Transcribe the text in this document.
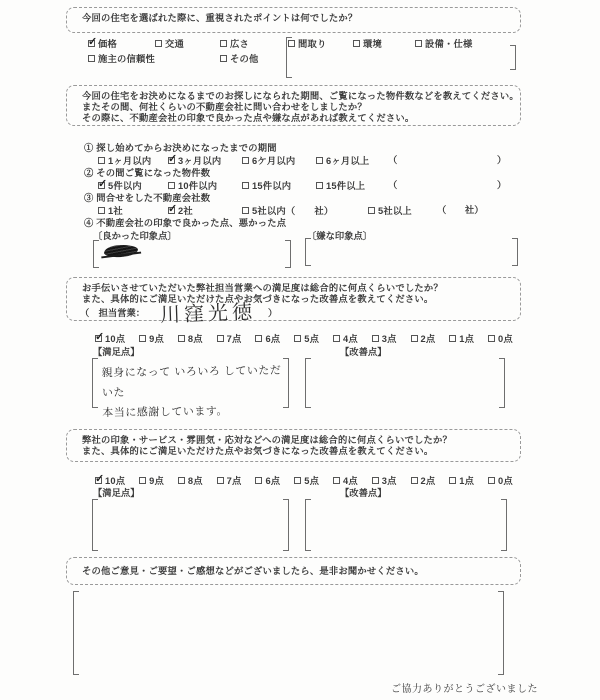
今回の住宅を選ばれた際に、重視されたポイントは何でしたか？
✓
価格	交通	広さ	間取り	環境	設備・仕様
施主の信頼性	その他
今回の住宅をお決めになるまでのお探しになられた期間、ご覧になった物件数などを教えてください。
またその間、何社くらいの不動産会社に問い合わせをしましたか？
その際に、不動産会社の印象で良かった点や嫌な点があれば教えてください。
① 探し始めてからお決めになったまでの期間
1ヶ月以内 ✓	3ヶ月以内	6ケ月以内	6ヶ月以上 （	）
② その間ご覧になった物件数
✓
5件以内	10件以内	15件以内	15件以上 （	）
③ 問合せをした不動産会社数
1社 ✓	2社	5社以内（　　社）	5社以上	（　　社）
④ 不動産会社の印象で良かった点、悪かった点
〔良かった印象点〕	〔嫌な印象点〕
お手伝いさせていただいた弊社担当営業への満足度は総合的に何点くらいでしたか？
また、具体的にご満足いただけた点やお気づきになった改善点を教えてください。
（　担当営業：	）
川窪光徳
✓
10点	9点	8点	7点	6点	5点	4点	3点	2点	1点	0点
【満足点】	【改善点】
親身になって いろいろ していただいた
本当に感謝しています。
弊社の印象・サービス・雰囲気・応対などへの満足度は総合的に何点くらいでしたか？
また、具体的にご満足いただけた点やお気づきになった改善点を教えてください。
✓
10点	9点	8点	7点	6点	5点	4点	3点	2点	1点	0点
【満足点】	【改善点】
その他ご意見・ご要望・ご感想などがございましたら、是非お聞かせください。
ご協力ありがとうございました
